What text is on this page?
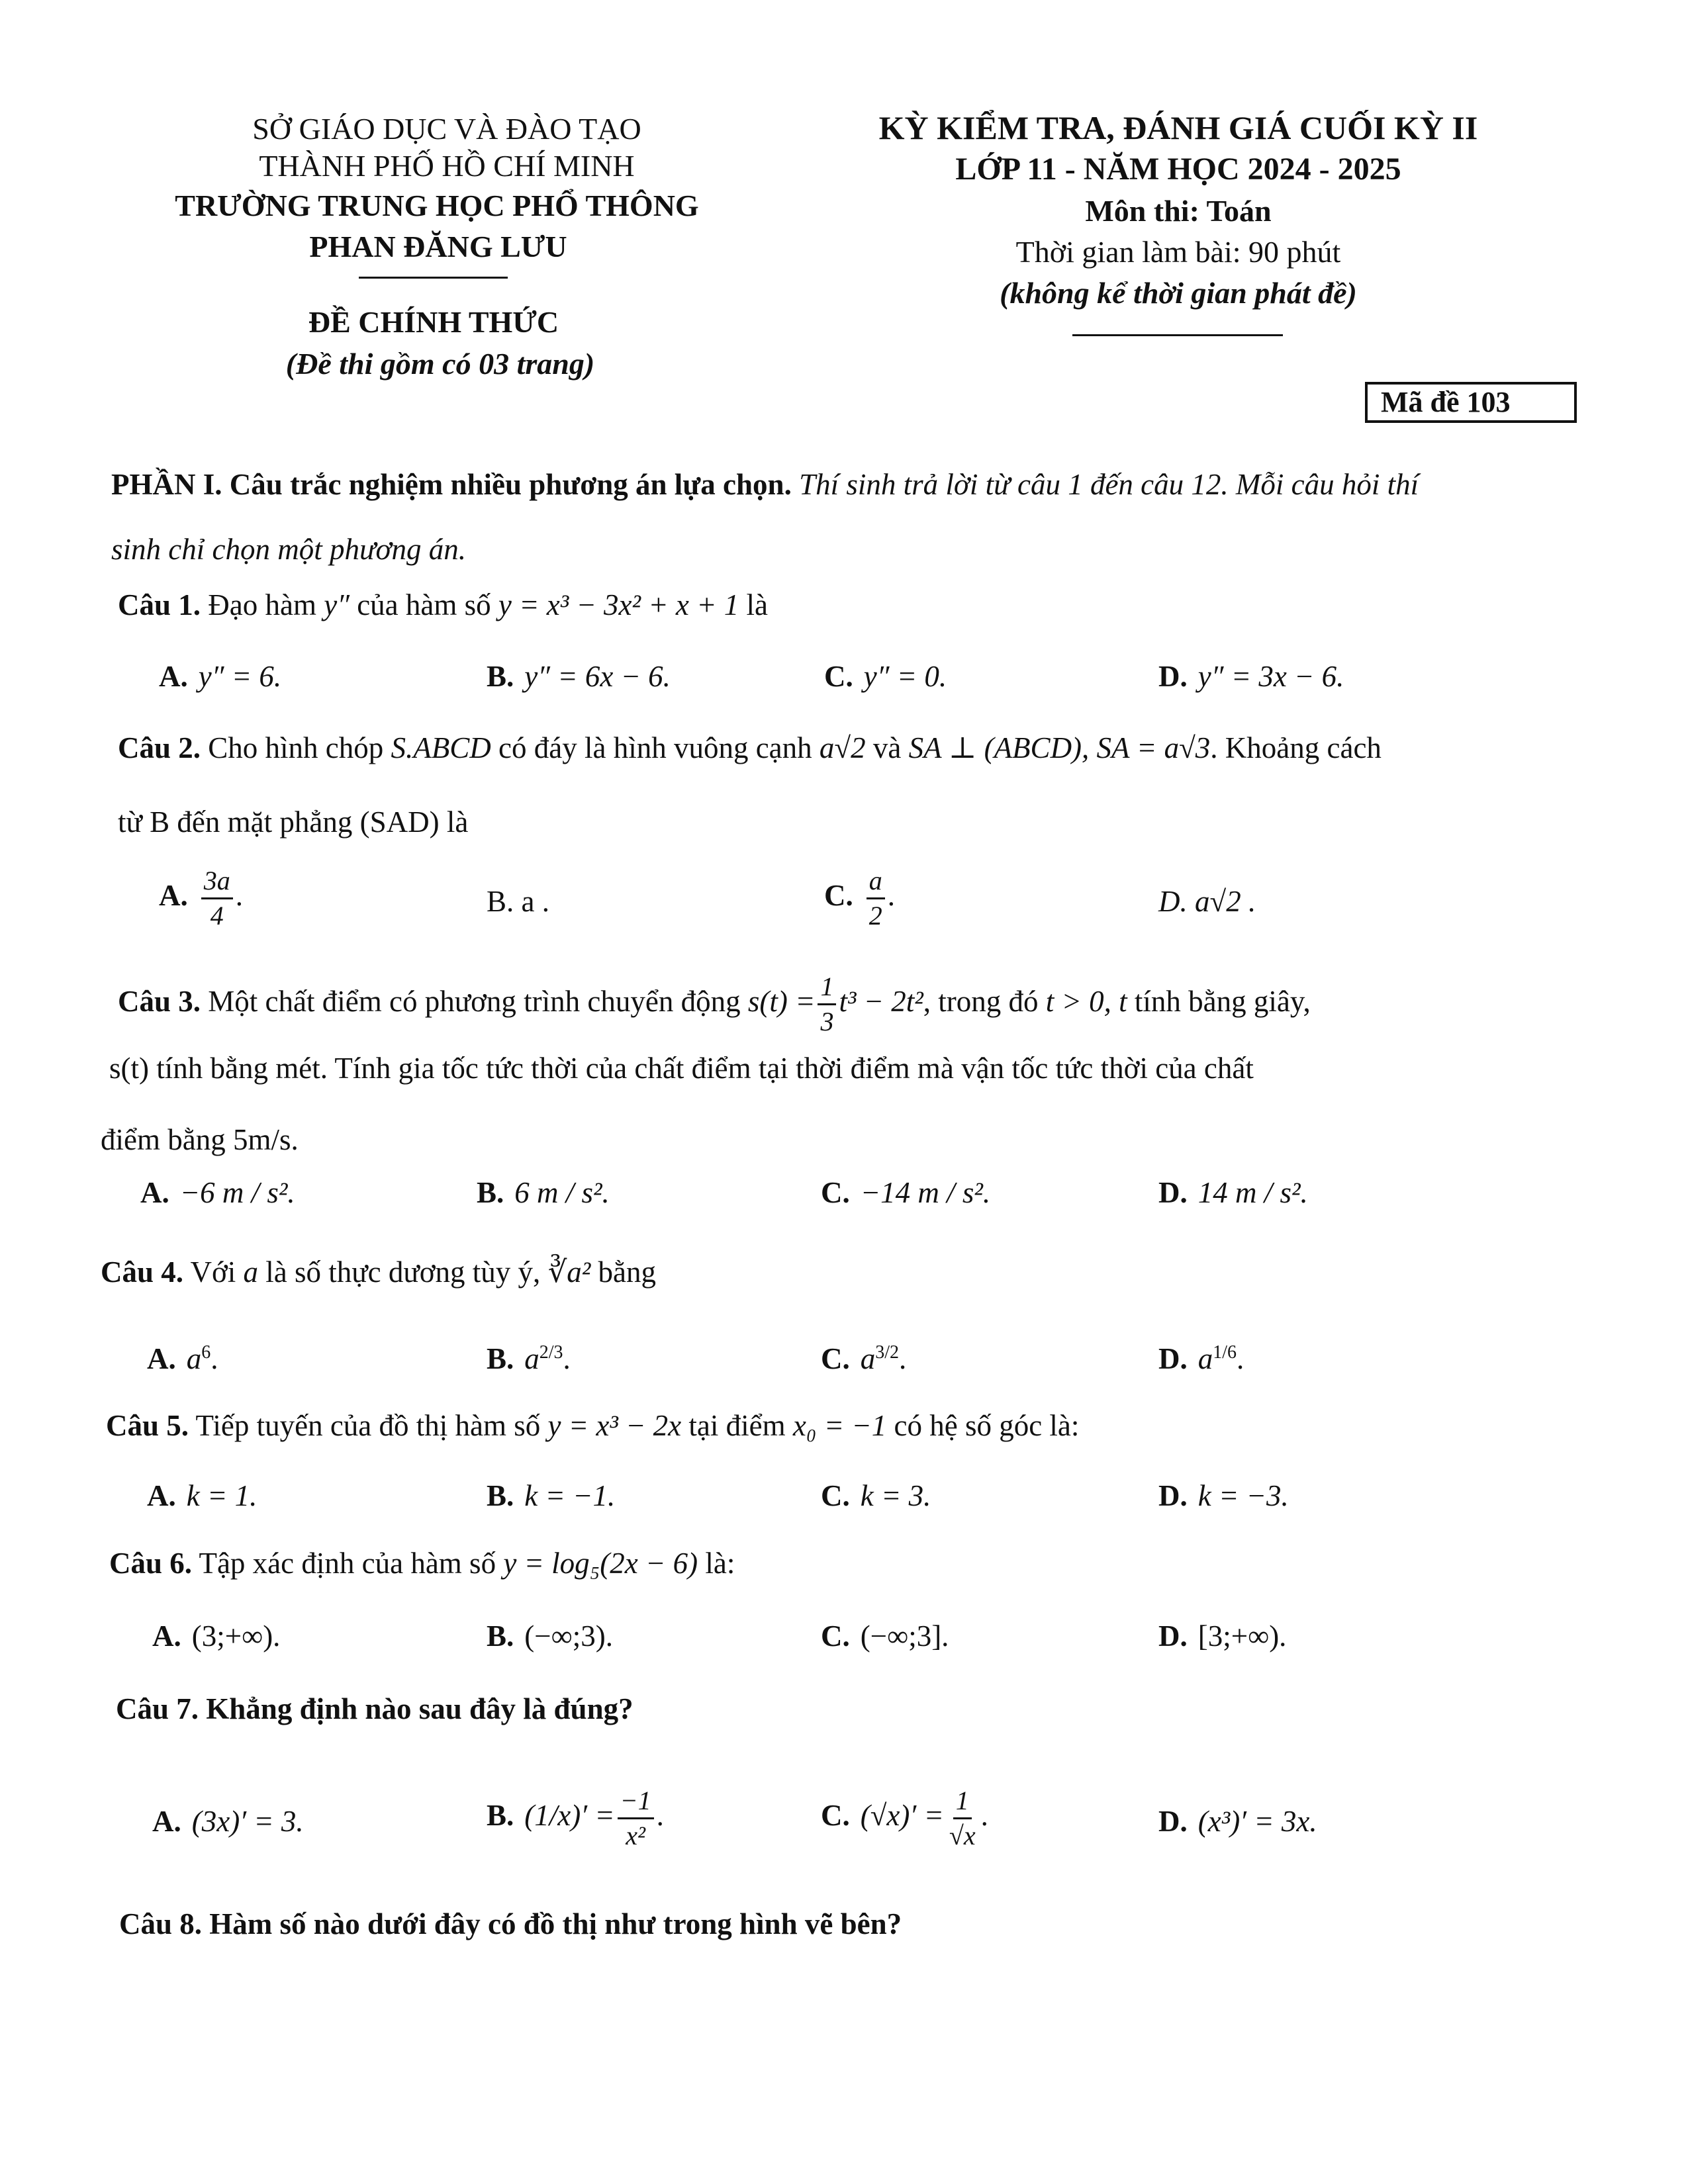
SỞ GIÁO DỤC VÀ ĐÀO TẠO
THÀNH PHỐ HỒ CHÍ MINH
TRƯỜNG TRUNG HỌC PHỔ THÔNG
PHAN ĐĂNG LƯU
ĐỀ CHÍNH THỨC
(Đề thi gồm có 03 trang)
KỲ KIỂM TRA, ĐÁNH GIÁ CUỐI KỲ II
LỚP 11 - NĂM HỌC 2024 - 2025
Môn thi: Toán
Thời gian làm bài: 90 phút
(không kể thời gian phát đề)
Mã đề 103
PHẦN I. Câu trắc nghiệm nhiều phương án lựa chọn. Thí sinh trả lời từ câu 1 đến câu 12. Mỗi câu hỏi thí
sinh chỉ chọn một phương án.
Câu 1. Đạo hàm y″ của hàm số y = x³ − 3x² + x + 1 là
A. y″ = 6.	B. y″ = 6x − 6.	C. y″ = 0.	D. y″ = 3x − 6.
Câu 2. Cho hình chóp S.ABCD có đáy là hình vuông cạnh a√2 và SA ⊥ (ABCD), SA = a√3. Khoảng cách
từ B đến mặt phẳng (SAD) là
A. $\frac{3a}{4}$ .	B. a .	C. $\frac{a}{2}$ .	D. a√2 .
Câu 3. Một chất điểm có phương trình chuyển động $s(t) = \frac{1}{3} t^3 - 2t^2$, trong đó t > 0, t tính bằng giây,
s(t) tính bằng mét. Tính gia tốc tức thời của chất điểm tại thời điểm mà vận tốc tức thời của chất
điểm bằng 5m/s.
A. −6 m / s².	B. 6 m / s².	C. −14 m / s².	D. 14 m / s².
Câu 4. Với a là số thực dương tùy ý, ∛a² bằng
A. $a^6$.	B. $a^{2/3}$.	C. $a^{3/2}$.	D. $a^{1/6}$.
Câu 5. Tiếp tuyến của đồ thị hàm số y = x³ − 2x tại điểm x₀ = −1 có hệ số góc là:
A. k = 1.	B. k = −1.	C. k = 3.	D. k = −3.
Câu 6. Tập xác định của hàm số y = log₅(2x − 6) là:
A. (3;+∞).	B. (−∞;3).	C. (−∞;3].	D. [3;+∞).
Câu 7. Khẳng định nào sau đây là đúng?
A. (3x)′ = 3.	B. $(1/x)' = \frac{-1}{\text{x²}}$ .	C. $(√x)' = \frac{1}{√x}$ .	D. (x³)′ = 3x.
Câu 8. Hàm số nào dưới đây có đồ thị như trong hình vẽ bên?
